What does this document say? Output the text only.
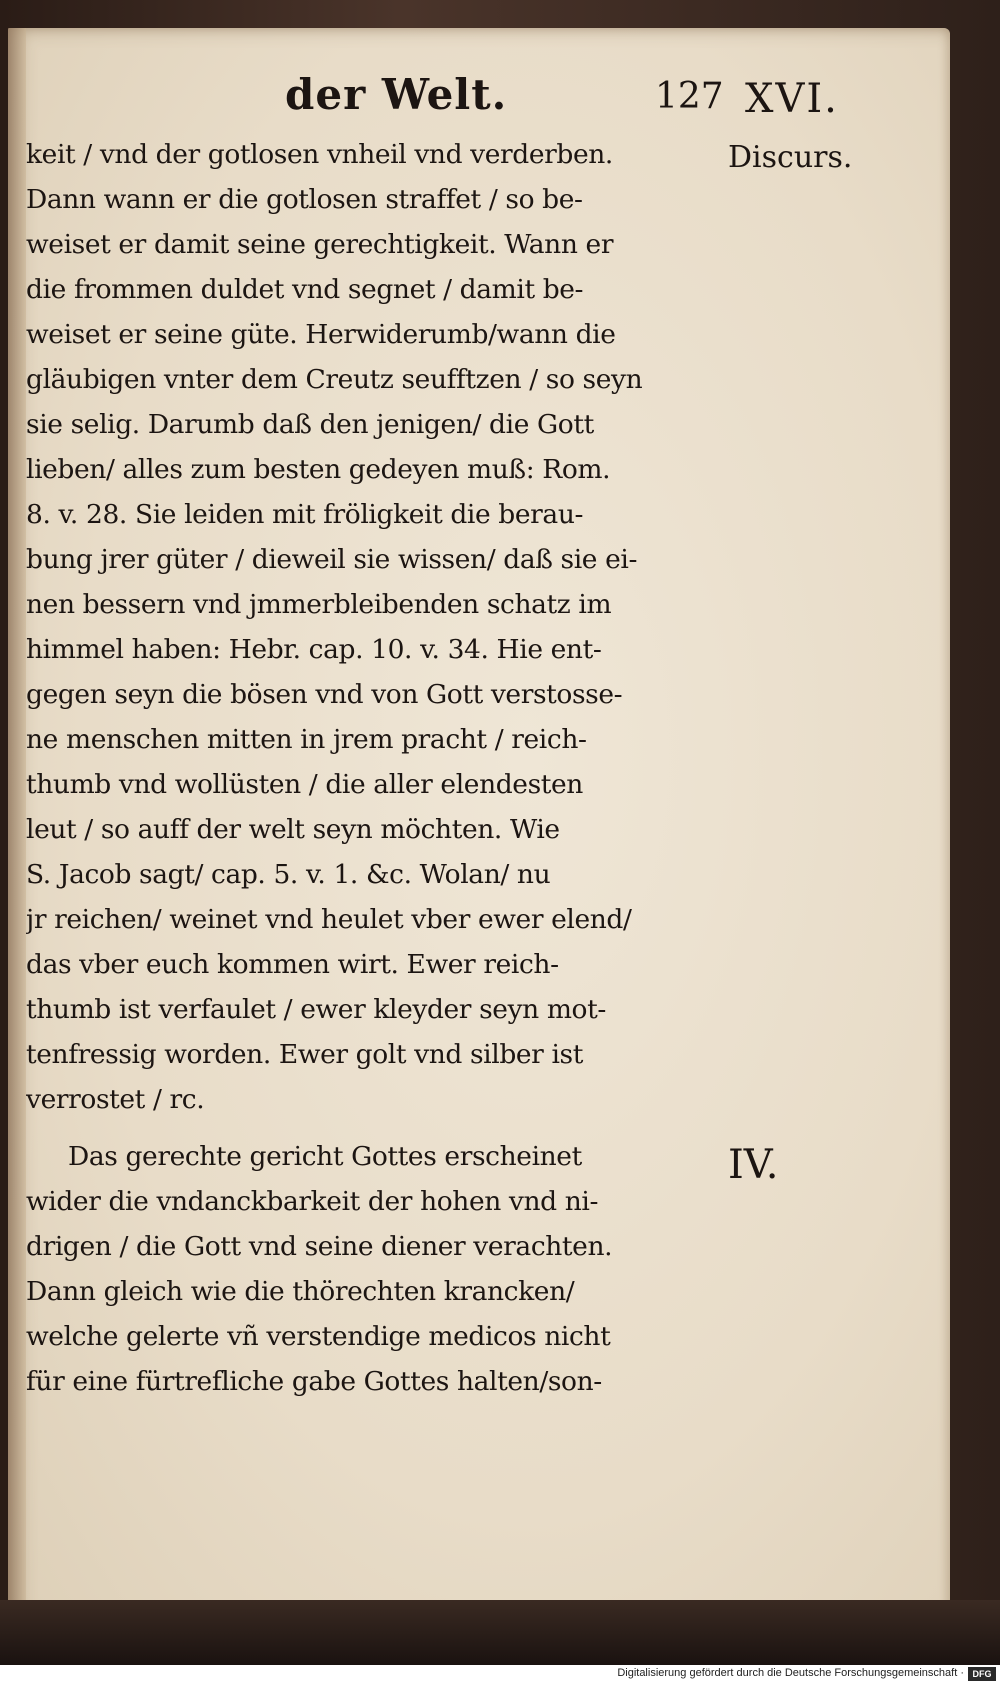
der Welt.	127 XVI.
Discurs.
IV.
keit / vnd der gotlosen vnheil vnd verderben.
Dann wann er die gotlosen straffet / so be-
weiset er damit seine gerechtigkeit. Wann er
die frommen duldet vnd segnet / damit be-
weiset er seine güte. Herwiderumb/wann die
gläubigen vnter dem Creutz seufftzen / so seyn
sie selig. Darumb daß den jenigen/ die Gott
lieben/ alles zum besten gedeyen muß: Rom.
8. v. 28. Sie leiden mit fröligkeit die berau-
bung jrer güter / dieweil sie wissen/ daß sie ei-
nen bessern vnd jmmerbleibenden schatz im
himmel haben: Hebr. cap. 10. v. 34. Hie ent-
gegen seyn die bösen vnd von Gott verstosse-
ne menschen mitten in jrem pracht / reich-
thumb vnd wollüsten / die aller elendesten
leut / so auff der welt seyn möchten. Wie
S. Jacob sagt/ cap. 5. v. 1. &c. Wolan/ nu
jr reichen/ weinet vnd heulet vber ewer elend/
das vber euch kommen wirt. Ewer reich-
thumb ist verfaulet / ewer kleyder seyn mot-
tenfressig worden. Ewer golt vnd silber ist
verrostet / rc.
Das gerechte gericht Gottes erscheinet
wider die vndanckbarkeit der hohen vnd ni-
drigen / die Gott vnd seine diener verachten.
Dann gleich wie die thörechten krancken/
welche gelerte vñ verstendige medicos nicht
für eine fürtrefliche gabe Gottes halten/son-
Digitalisierung gefördert durch die Deutsche Forschungsgemeinschaft · DFG
